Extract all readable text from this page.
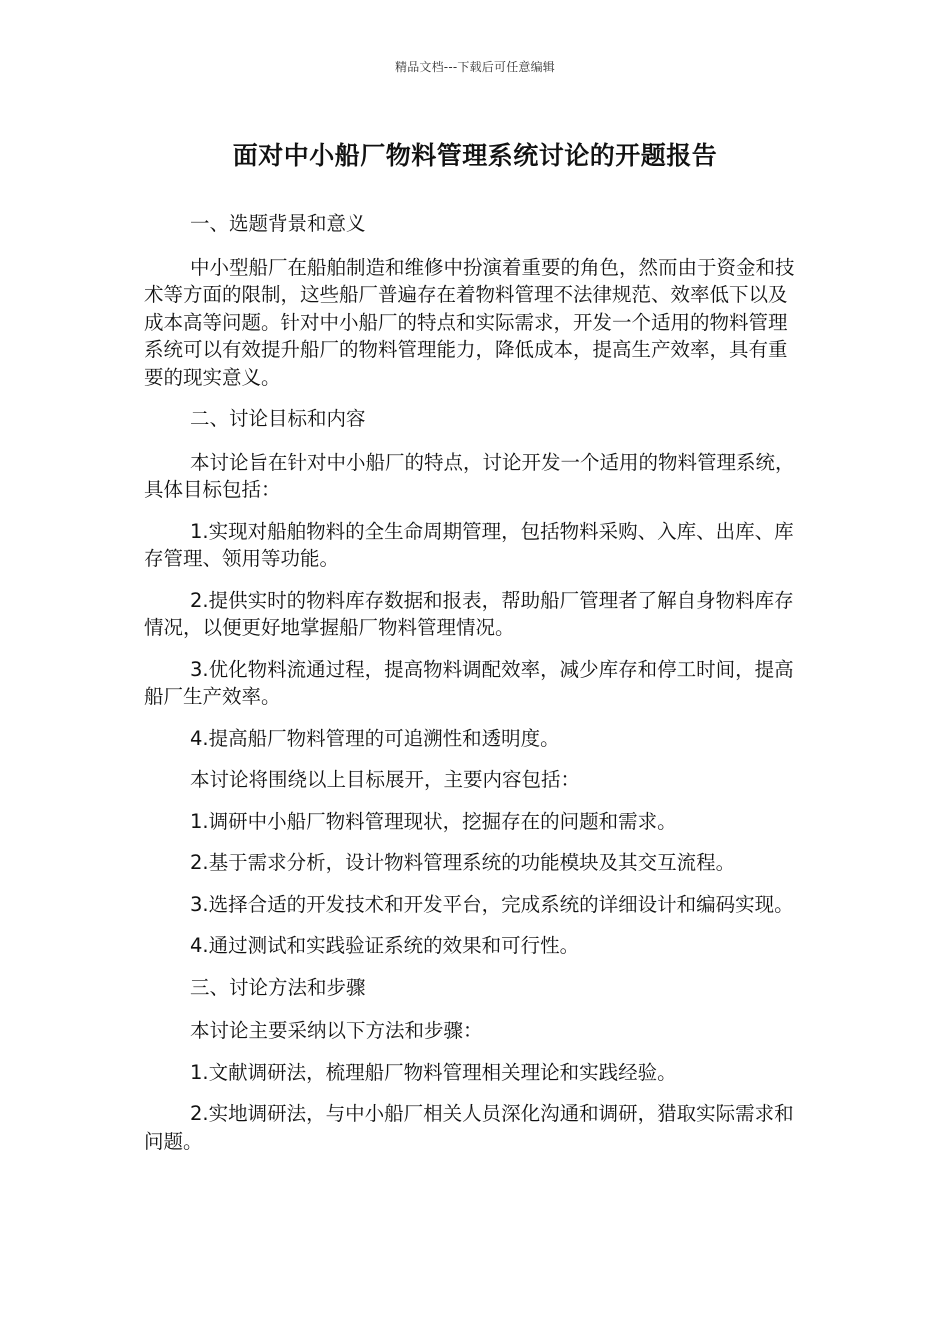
精品文档---下载后可任意编辑
面对中小船厂物料管理系统讨论的开题报告

一、选题背景和意义

中小型船厂在船舶制造和维修中扮演着重要的角色，然而由于资金和技术等方面的限制，这些船厂普遍存在着物料管理不法律规范、效率低下以及成本高等问题。针对中小船厂的特点和实际需求，开发一个适用的物料管理系统可以有效提升船厂的物料管理能力，降低成本，提高生产效率，具有重要的现实意义。

二、讨论目标和内容

本讨论旨在针对中小船厂的特点，讨论开发一个适用的物料管理系统，具体目标包括：

1.实现对船舶物料的全生命周期管理，包括物料采购、入库、出库、库存管理、领用等功能。

2.提供实时的物料库存数据和报表，帮助船厂管理者了解自身物料库存情况，以便更好地掌握船厂物料管理情况。

3.优化物料流通过程，提高物料调配效率，减少库存和停工时间，提高船厂生产效率。

4.提高船厂物料管理的可追溯性和透明度。

本讨论将围绕以上目标展开，主要内容包括：

1.调研中小船厂物料管理现状，挖掘存在的问题和需求。

2.基于需求分析，设计物料管理系统的功能模块及其交互流程。

3.选择合适的开发技术和开发平台，完成系统的详细设计和编码实现。

4.通过测试和实践验证系统的效果和可行性。

三、讨论方法和步骤

本讨论主要采纳以下方法和步骤：

1.文献调研法，梳理船厂物料管理相关理论和实践经验。

2.实地调研法，与中小船厂相关人员深化沟通和调研，猎取实际需求和问题。
